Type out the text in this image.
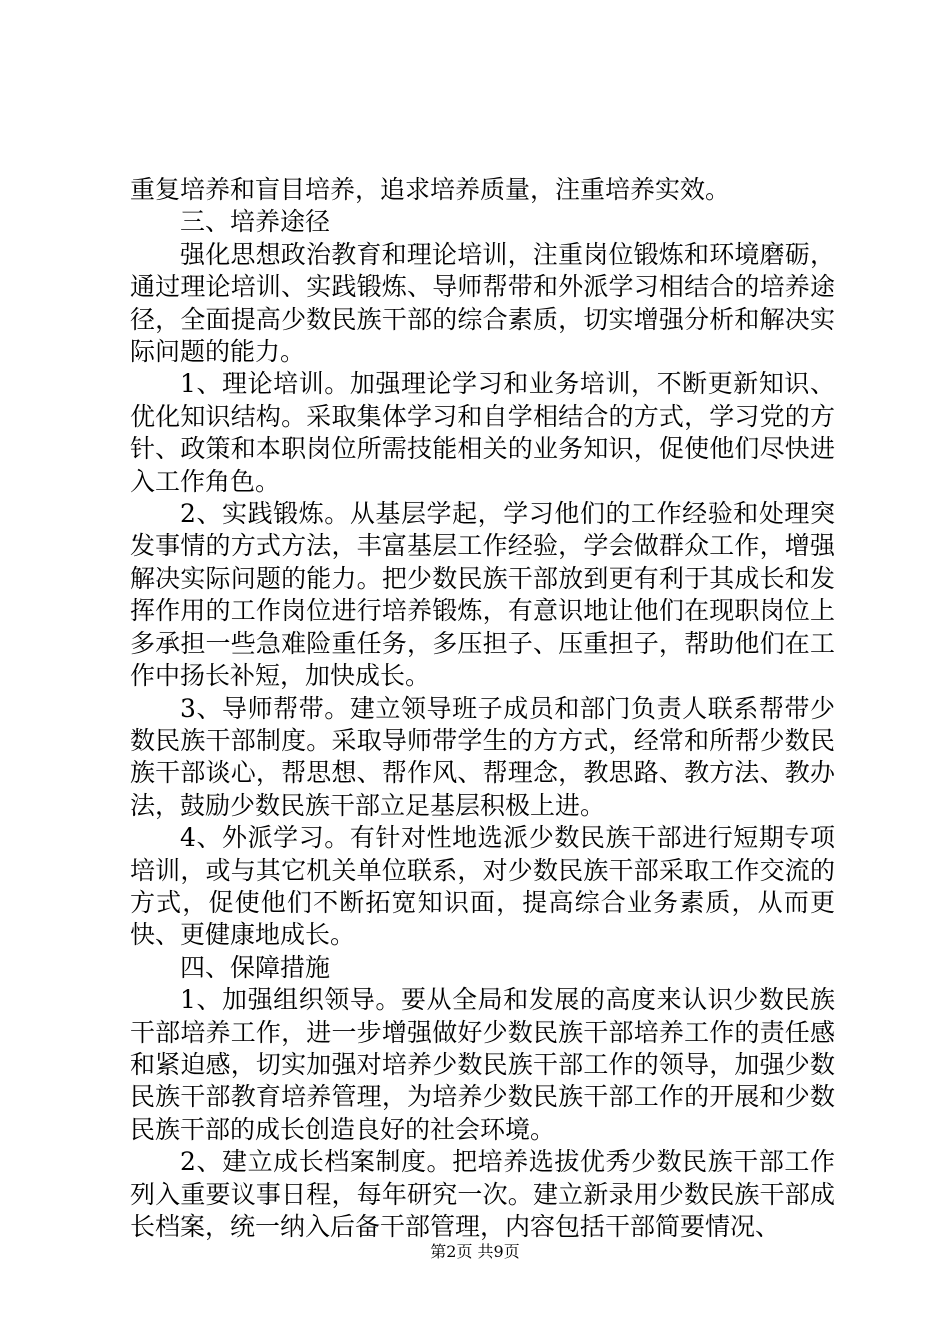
重复培养和盲目培养，追求培养质量，注重培养实效。

三、培养途径

强化思想政治教育和理论培训，注重岗位锻炼和环境磨砺，通过理论培训、实践锻炼、导师帮带和外派学习相结合的培养途径，全面提高少数民族干部的综合素质，切实增强分析和解决实际问题的能力。

1、理论培训。加强理论学习和业务培训，不断更新知识、优化知识结构。采取集体学习和自学相结合的方式，学习党的方针、政策和本职岗位所需技能相关的业务知识，促使他们尽快进入工作角色。

2、实践锻炼。从基层学起，学习他们的工作经验和处理突发事情的方式方法，丰富基层工作经验，学会做群众工作，增强解决实际问题的能力。把少数民族干部放到更有利于其成长和发挥作用的工作岗位进行培养锻炼，有意识地让他们在现职岗位上多承担一些急难险重任务，多压担子、压重担子，帮助他们在工作中扬长补短，加快成长。

3、导师帮带。建立领导班子成员和部门负责人联系帮带少数民族干部制度。采取导师带学生的方方式，经常和所帮少数民族干部谈心，帮思想、帮作风、帮理念，教思路、教方法、教办法，鼓励少数民族干部立足基层积极上进。

4、外派学习。有针对性地选派少数民族干部进行短期专项培训，或与其它机关单位联系，对少数民族干部采取工作交流的方式，促使他们不断拓宽知识面，提高综合业务素质，从而更快、更健康地成长。

四、保障措施

1、加强组织领导。要从全局和发展的高度来认识少数民族干部培养工作，进一步增强做好少数民族干部培养工作的责任感和紧迫感，切实加强对培养少数民族干部工作的领导，加强少数民族干部教育培养管理，为培养少数民族干部工作的开展和少数民族干部的成长创造良好的社会环境。

2、建立成长档案制度。把培养选拔优秀少数民族干部工作列入重要议事日程，每年研究一次。建立新录用少数民族干部成长档案，统一纳入后备干部管理，内容包括干部简要情况、

第2页 共9页
